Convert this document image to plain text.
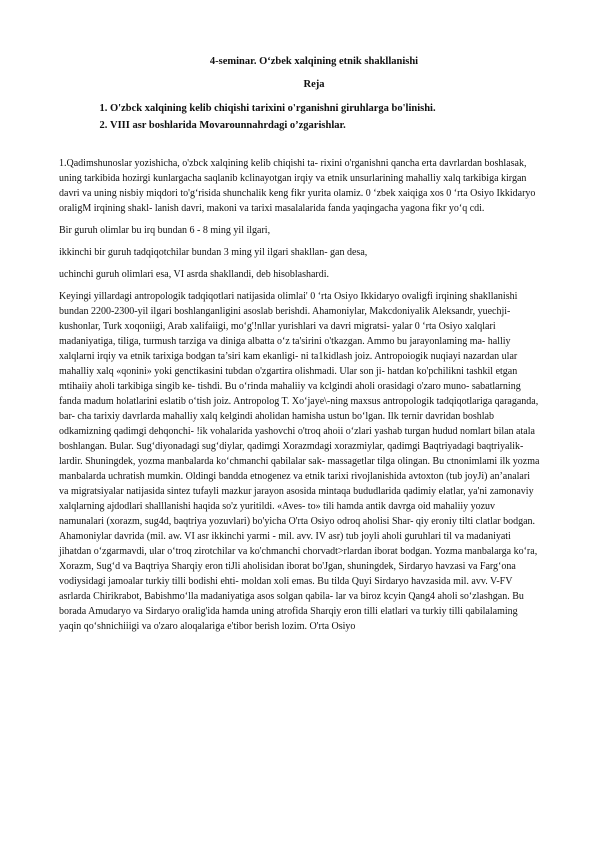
4-seminar. O‘zbek xalqining etnik shakllanishi
Reja
1. O'zbck xalqining kelib chiqishi tarixini o'rganishni giruhlarga bo'linishi.
2. VIII asr boshlarida Movarounnahrdagi o’zgarishlar.

1.Qadimshunoslar yozishicha, o'zbck xalqining kelib chiqishi ta- rixini o'rganishni qancha erta davrlardan boshlasak, uning tarkibida hozirgi kunlargacha saqlanib kclinayotgan irqiy va etnik unsurlarining mahalliy xalq tarkibiga kirgan davri va uning nisbiy miqdori to'g‘risida shunchalik keng fikr yurita olamiz. 0 ‘zbek xaiqiga xos 0 ‘rta Osiyo Ikkidaryo oraligM irqining shakl- lanish davri, makoni va tarixi masalalarida fanda yaqingacha yagona fikr yo‘q cdi.

Bir guruh olimlar bu irq bundan 6 - 8 ming yil ilgari,

ikkinchi bir guruh tadqiqotchilar bundan 3 ming yil ilgari shakllan- gan desa,

uchinchi guruh olimlari esa, VI asrda shakllandi, deb hisoblashardi.

Keyingi yillardagi antropologik tadqiqotlari natijasida olimlai' 0 ‘rta Osiyo Ikkidaryo ovaligfi irqining shakllanishi bundan 2200-2300-yil ilgari boshlanganligini asoslab berishdi. Ahamoniylar, Makcdoniyalik Aleksandr, yuechji-kushonlar, Turk xoqoniigi, Arab xalifaiigi, mo‘g'!nllar yurishlari va davri migratsi- yalar 0 ‘rta Osiyo xalqlari madaniyatiga, tiliga, turmush tarziga va diniga albatta o‘z ta'sirini o'tkazgan. Ammo bu jarayonlaming ma- halliy xalqlarni irqiy va etnik tarixiga bodgan ta’siri kam ekanligi- ni ta1kidlash joiz. Antropoiogik nuqiayi nazardan ular mahalliy xalq «qonini» yoki genctikasini tubdan o'zgartira olishmadi. Ular son ji- hatdan ko'pchilikni tashkil etgan mtihaiiy aholi tarkibiga singib ke- tishdi. Bu o‘rinda mahaliiy va kclgindi aholi orasidagi o'zaro muno- sabatlarning fanda madum holatlarini eslatib o‘tish joiz. Antropolog T. Xo‘jaye\-ning maxsus antropologik tadqiqotlariga qaraganda, bar- cha tarixiy davrlarda mahalliy xalq kelgindi aholidan hamisha ustun bo‘lgan. Ilk ternir davridan boshlab odkamizning qadimgi dehqonchi- !ik vohalarida yashovchi o'troq ahoii o‘zlari yashab turgan hudud nomlart bilan atala boshlangan. Bular. Sug‘diyonadagi sug‘diylar, qadimgi Xorazmdagi xorazmiylar, qadimgi Baqtriyadagi baqtriyalik- lardir. Shuningdek, yozma manbalarda ko‘chmanchi qabilalar sak- massagetlar tilga olingan. Bu ctnonimlami ilk yozma manbalarda uchratish mumkin. Oldingi bandda etnogenez va etnik tarixi rivojlanishida avtoxton (tub joyJi) an’analari va migratsiyalar natijasida sintez tufayli mazkur jarayon asosida mintaqa bududlarida qadimiy elatlar, ya'ni zamonaviy xalqlarning ajdodlari shalllanishi haqida so'z yuritildi. «Aves- to» tili hamda antik davrga oid mahaliiy yozuv namunalari (xorazm, sug4d, baqtriya yozuvlari) bo'yicha O'rta Osiyo odroq aholisi Shar- qiy eroniy tilti clatlar bodgan. Ahamoniylar davrida (mil. aw. VI asr ikkinchi yarmi - mil. avv. IV asr) tub joyli aholi guruhlari til va madaniyati jihatdan o‘zgarmavdi, ular o‘troq zirotchilar va ko'chmanchi chorvadt>rlardan iborat bodgan. Yozma manbalarga ko‘ra, Xorazm, Sug‘d va Baqtriya Sharqiy eron tiJli aholisidan iborat bo'Jgan, shuningdek, Sirdaryo havzasi va Farg‘ona vodiysidagi jamoalar turkiy tilli bodishi ehti- moldan xoli emas. Bu tilda Quyi Sirdaryo havzasida mil. avv. V-FV asrlarda Chirikrabot, Babishmo‘lla madaniyatiga asos solgan qabila- lar va biroz kcyin Qang4 aholi so‘zlashgan. Bu borada Amudaryo va Sirdaryo oralig'ida hamda uning atrofida Sharqiy eron tilli elatlari va turkiy tilli qabilalaming yaqin qo‘shnichiiigi va o'zaro aloqalariga e'tibor berish lozim. O'rta Osiyo
